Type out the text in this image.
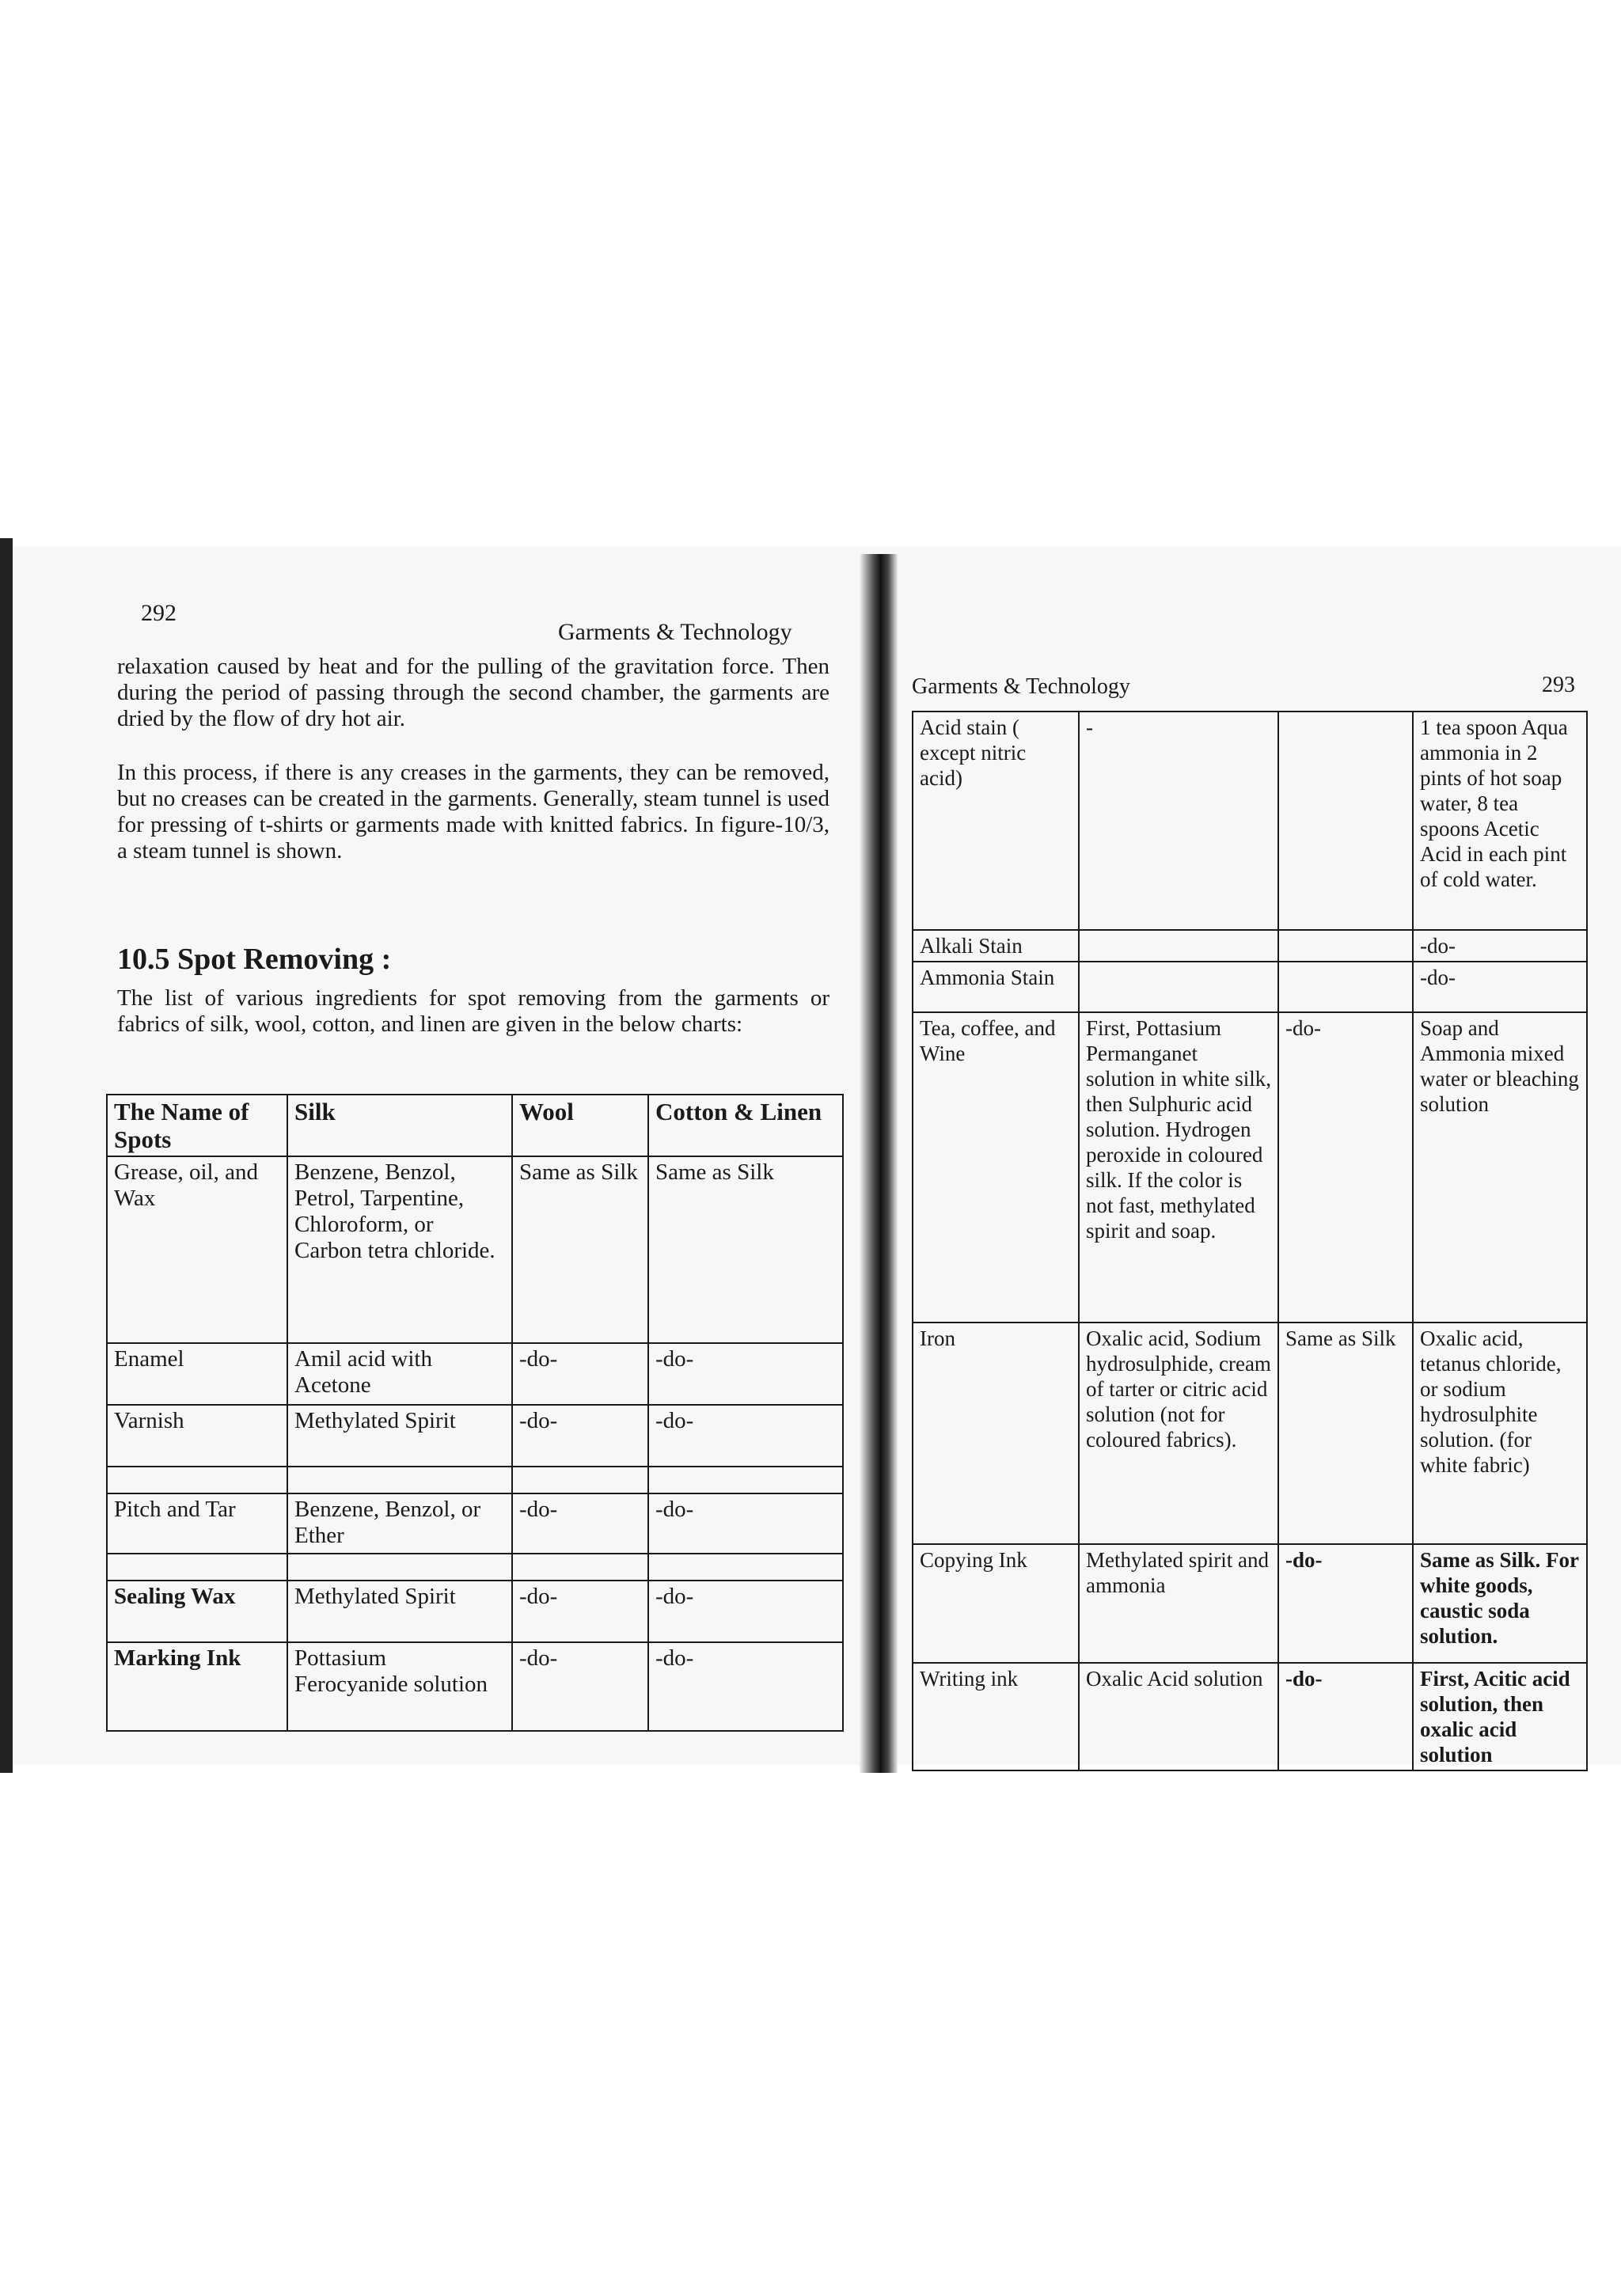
292
Garments & Technology
relaxation caused by heat and for the pulling of the gravitation force. Then during the period of passing through the second chamber, the garments are dried by the flow of dry hot air.
In this process, if there is any creases in the garments, they can be removed, but no creases can be created in the garments. Generally, steam tunnel is used for pressing of t-shirts or garments made with knitted fabrics. In figure-10/3, a steam tunnel is shown.
10.5 Spot Removing :
The list of various ingredients for spot removing from the garments or fabrics of silk, wool, cotton, and linen are given in the below charts:
The Name of Spots	Silk	Wool	Cotton & Linen
Grease, oil, and Wax	Benzene, Benzol, Petrol, Tarpentine, Chloroform, or Carbon tetra chloride.	Same as Silk	Same as Silk
Enamel	Amil acid with Acetone	-do-	-do-
Varnish	Methylated Spirit	-do-	-do-

Pitch and Tar	Benzene, Benzol, or Ether	-do-	-do-

Sealing Wax	Methylated Spirit	-do-	-do-
Marking Ink	Pottasium Ferocyanide solution	-do-	-do-
Garments & Technology	293
Acid stain ( except nitric acid)	-		1 tea spoon Aqua ammonia in 2 pints of hot soap water, 8 tea spoons Acetic Acid in each pint of cold water.
Alkali Stain			-do-
Ammonia Stain			-do-
Tea, coffee, and Wine	First, Pottasium Permanganet solution in white silk, then Sulphuric acid solution. Hydrogen peroxide in coloured silk. If the color is not fast, methylated spirit and soap.	-do-	Soap and Ammonia mixed water or bleaching solution
Iron	Oxalic acid, Sodium hydrosulphide, cream of tarter or citric acid solution (not for coloured fabrics).	Same as Silk	Oxalic acid, tetanus chloride, or sodium hydrosulphite solution. (for white fabric)
Copying Ink	Methylated spirit and ammonia	-do-	Same as Silk. For white goods, caustic soda solution.
Writing ink	Oxalic Acid solution	-do-	First, Acitic acid solution, then oxalic acid solution
